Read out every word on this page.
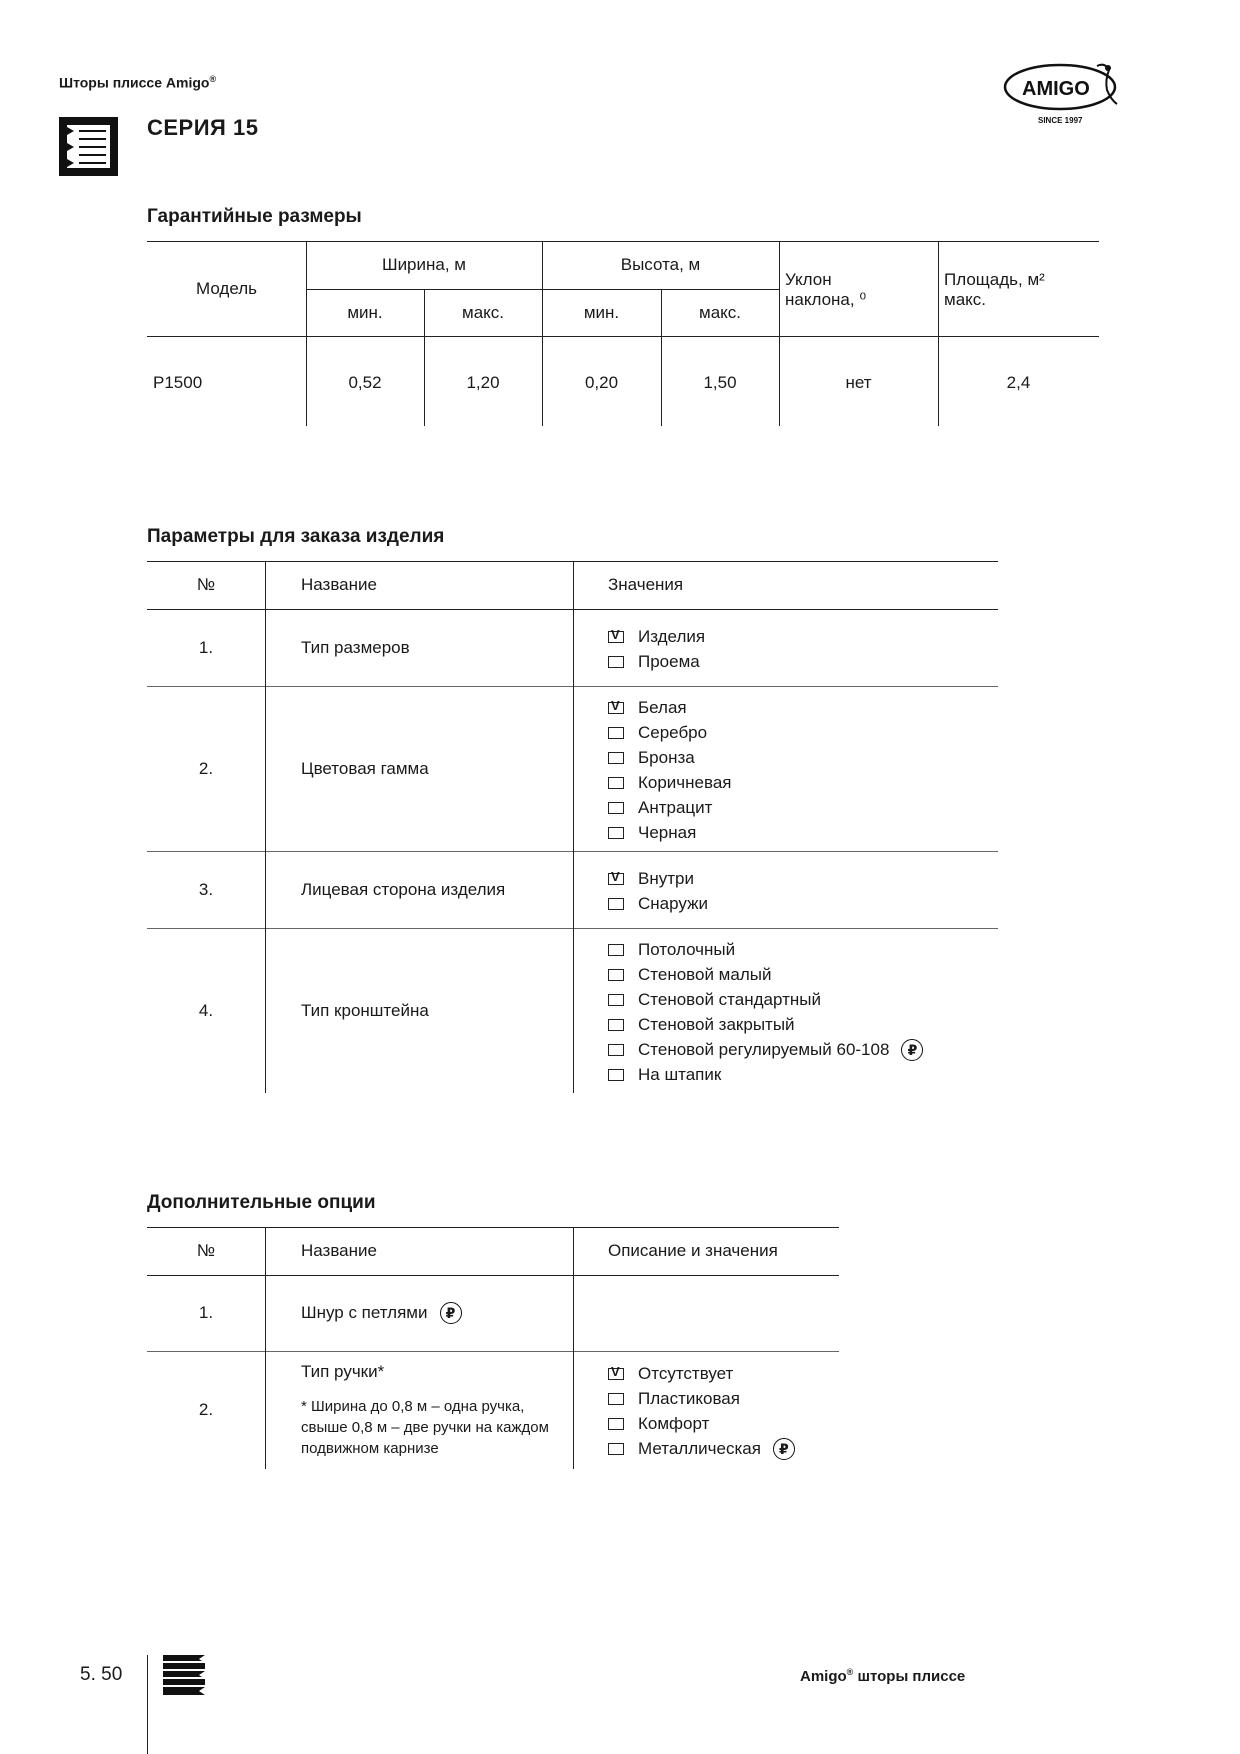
Шторы плиссе Amigo®
СЕРИЯ 15
AMIGO
SINCE 1997
Гарантийные размеры
Модель
Ширина, м	Высота, м
мин.	макс.	мин.	макс.
Уклон
наклона, ⁰
Площадь, м²
макс.
P1500	0,52	1,20	0,20	1,50	нет	2,4
Параметры для заказа изделия
№	Название	Значения
1.	Тип размеров
V
Изделия
Проема
2.	Цветовая гамма
V
Белая
Серебро
Бронза
Коричневая
Антрацит
Черная
3.	Лицевая сторона изделия
V
Внутри
Снаружи
4.	Тип кронштейна
Потолочный
Стеновой малый
Стеновой стандартный
Стеновой закрытый
Стеновой регулируемый 60-108	₽
На штапик
Дополнительные опции
№	Название	Описание и значения
1.	Шнур с петлями	₽
2.
Тип ручки*
* Ширина до 0,8 м – одна ручка, свыше 0,8 м – две ручки на каждом подвижном карнизе
V
Отсутствует
Пластиковая
Комфорт
Металлическая	₽
5. 50	Amigo® шторы плиссе
